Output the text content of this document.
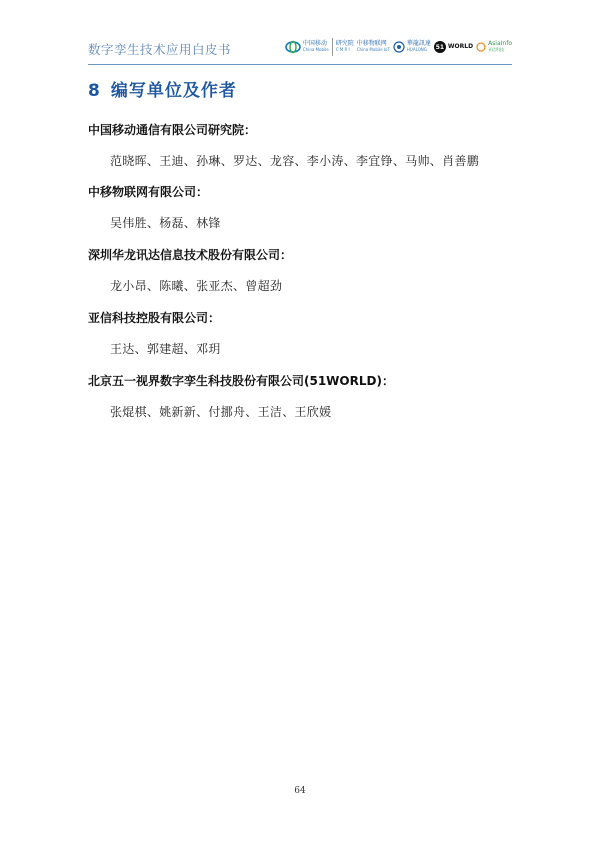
数字孪生技术应用白皮书	中国移动
China Mobile
研究院
C M R I
中移物联网
China Mobile IoT
華龍訊達
HUALONG	51 WORLD	AsiaInfo
亚信科技
8 编写单位及作者
中国移动通信有限公司研究院：
范晓晖、王迪、孙琳、罗达、龙容、李小涛、李宜铮、马帅、肖善鹏
中移物联网有限公司：
吴伟胜、杨磊、林锋
深圳华龙讯达信息技术股份有限公司：
龙小昂、陈曦、张亚杰、曾超劲
亚信科技控股有限公司：
王达、郭建超、邓玥
北京五一视界数字孪生科技股份有限公司(51WORLD)：
张焜棋、姚新新、付挪舟、王洁、王欣媛
64
